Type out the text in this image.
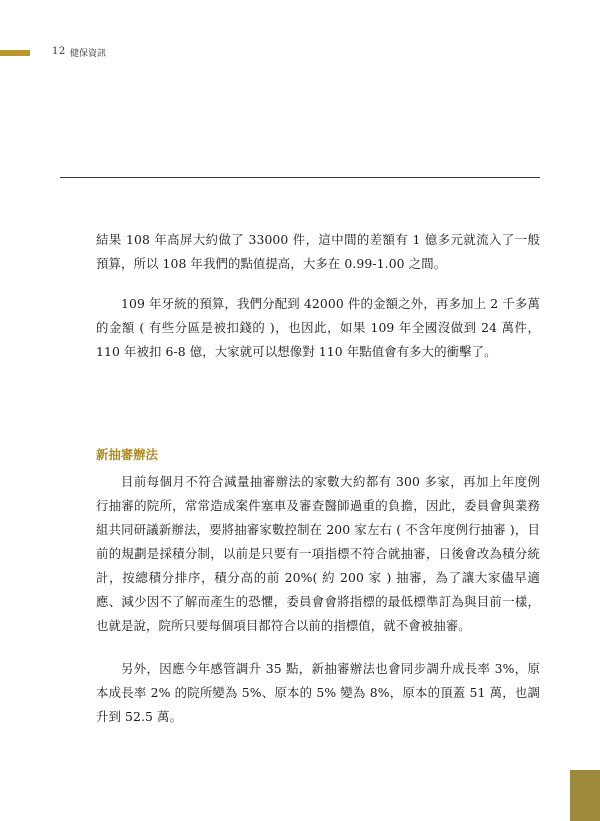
12 健保資訊

結果 108 年高屏大約做了 33000 件，這中間的差額有 1 億多元就流入了一般預算，所以 108 年我們的點值提高，大多在 0.99-1.00 之間。

109 年牙統的預算，我們分配到 42000 件的金額之外，再多加上 2 千多萬的金額 ( 有些分區是被扣錢的 )，也因此，如果 109 年全國沒做到 24 萬件，110 年被扣 6-8 億，大家就可以想像對 110 年點值會有多大的衝擊了。

新抽審辦法

目前每個月不符合減量抽審辦法的家數大約都有 300 多家，再加上年度例行抽審的院所，常常造成案件塞車及審查醫師過重的負擔，因此，委員會與業務組共同研議新辦法，要將抽審家數控制在 200 家左右 ( 不含年度例行抽審 )，目前的規劃是採積分制，以前是只要有一項指標不符合就抽審，日後會改為積分統計，按總積分排序，積分高的前 20%( 約 200 家 ) 抽審，為了讓大家儘早適應、減少因不了解而產生的恐懼，委員會會將指標的最低標準訂為與目前一樣，也就是說，院所只要每個項目都符合以前的指標值，就不會被抽審。

另外，因應今年感管調升 35 點，新抽審辦法也會同步調升成長率 3%，原本成長率 2% 的院所變為 5%、原本的 5% 變為 8%，原本的頂蓋 51 萬，也調升到 52.5 萬。
